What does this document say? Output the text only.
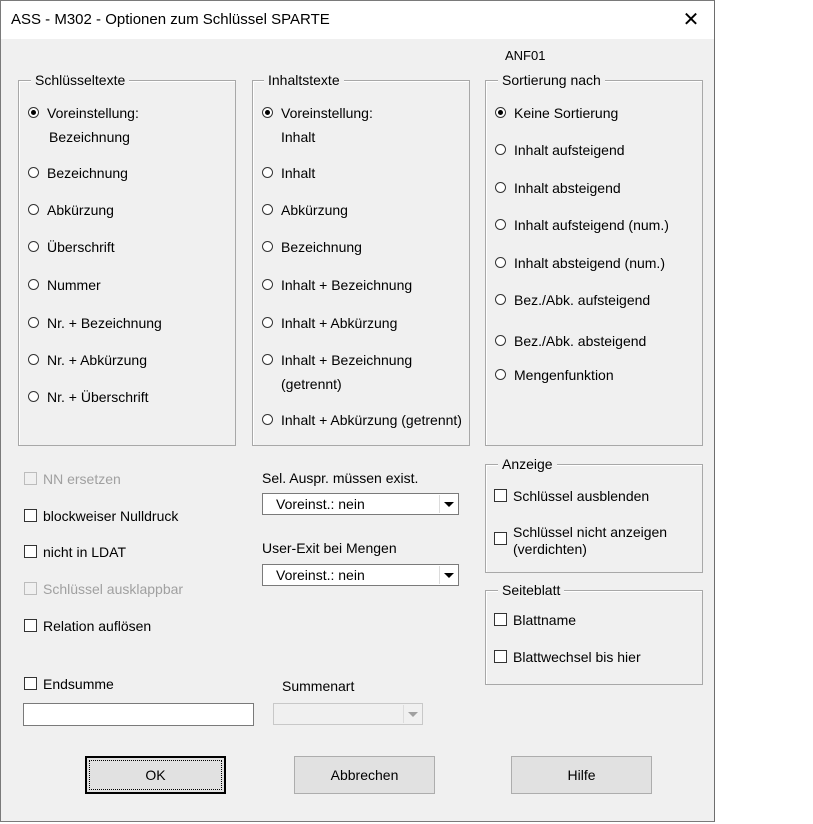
ASS - M302 - Optionen zum Schlüssel SPARTE	✕
ANF01
Schlüsseltexte
Voreinstellung:
Bezeichnung
Bezeichnung
Abkürzung
Überschrift
Nummer
Nr. + Bezeichnung
Nr. + Abkürzung
Nr. + Überschrift
Inhaltstexte
Voreinstellung:
Inhalt
Inhalt
Abkürzung
Bezeichnung
Inhalt + Bezeichnung
Inhalt + Abkürzung
Inhalt + Bezeichnung
(getrennt)
Inhalt + Abkürzung (getrennt)
Sortierung nach
Keine Sortierung
Inhalt aufsteigend
Inhalt absteigend
Inhalt aufsteigend (num.)
Inhalt absteigend (num.)
Bez./Abk. aufsteigend
Bez./Abk. absteigend
Mengenfunktion
NN ersetzen
blockweiser Nulldruck
nicht in LDAT
Schlüssel ausklappbar
Relation auflösen
Endsumme
Sel. Auspr. müssen exist.
Voreinst.: nein
User-Exit bei Mengen
Voreinst.: nein
Summenart
Anzeige
Schlüssel ausblenden
Schlüssel nicht anzeigen
(verdichten)
Seiteblatt
Blattname
Blattwechsel bis hier
OK	Abbrechen	Hilfe
